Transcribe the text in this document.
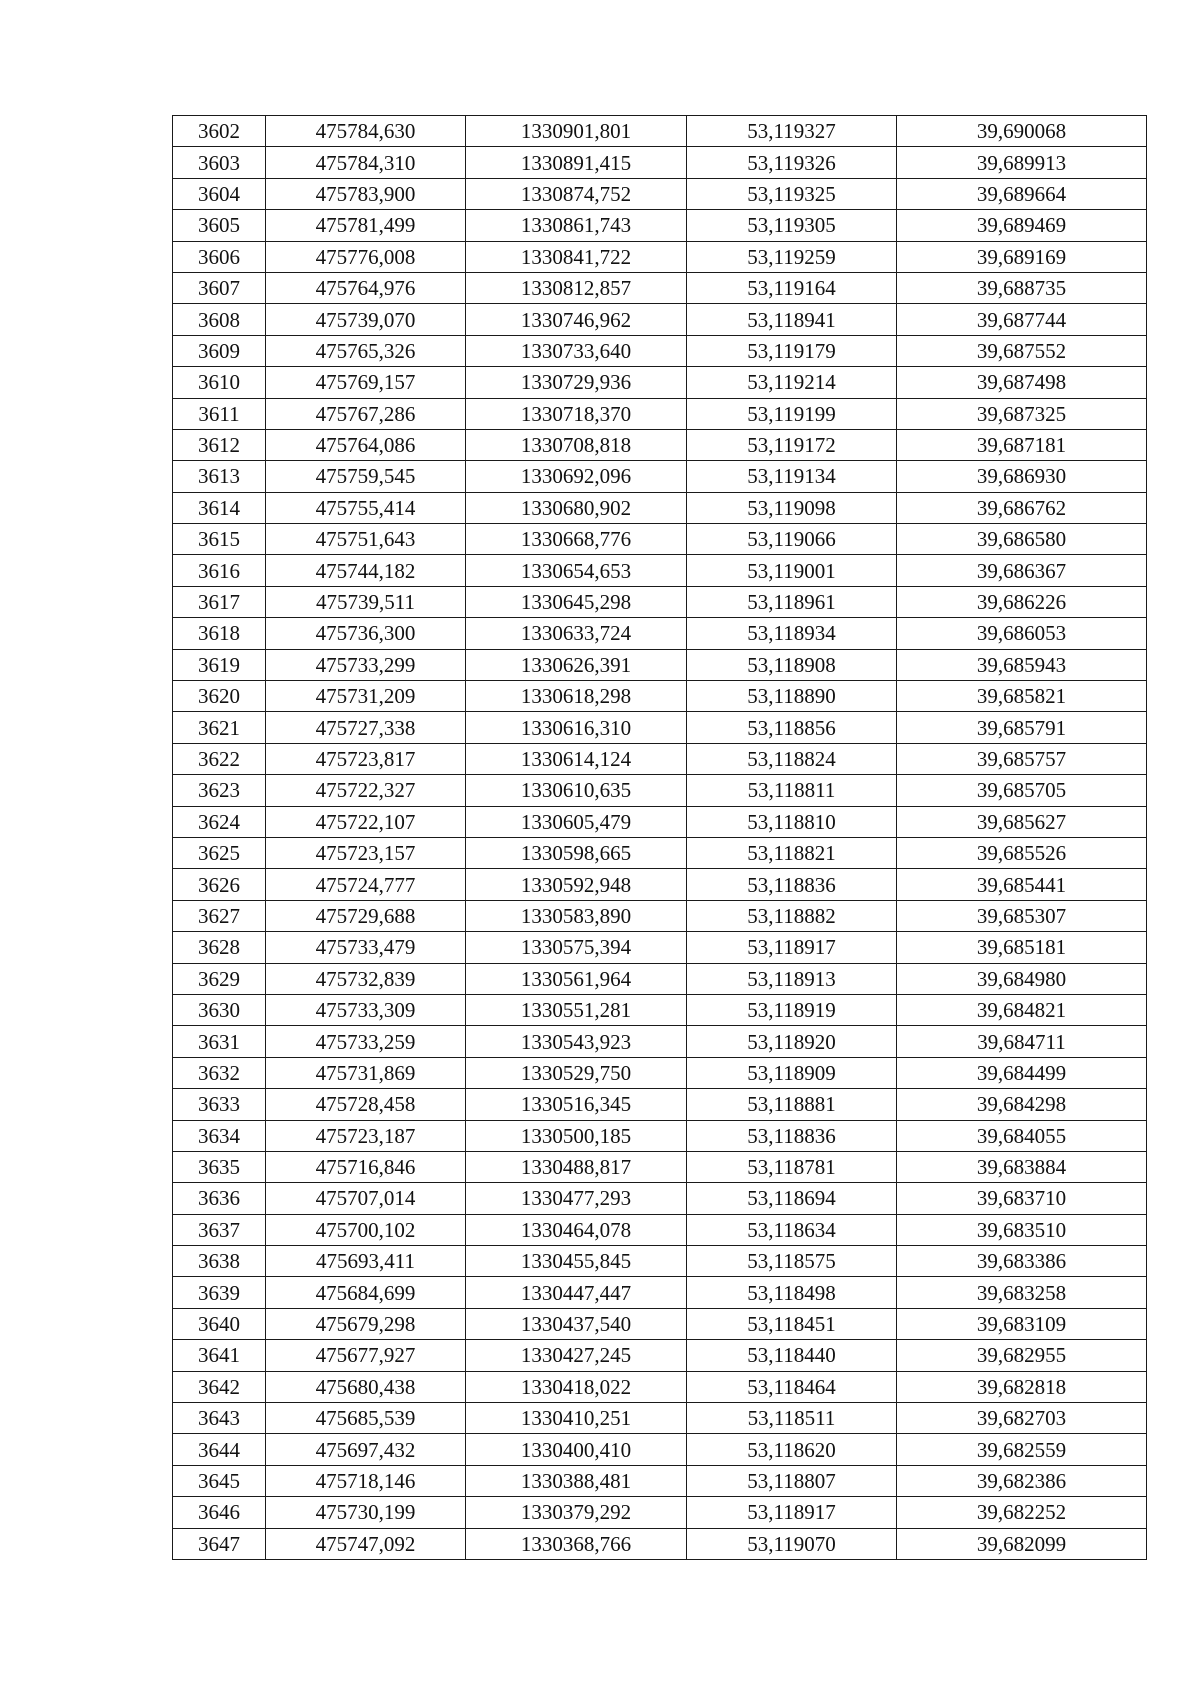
3602	475784,630	1330901,801	53,119327	39,690068
3603	475784,310	1330891,415	53,119326	39,689913
3604	475783,900	1330874,752	53,119325	39,689664
3605	475781,499	1330861,743	53,119305	39,689469
3606	475776,008	1330841,722	53,119259	39,689169
3607	475764,976	1330812,857	53,119164	39,688735
3608	475739,070	1330746,962	53,118941	39,687744
3609	475765,326	1330733,640	53,119179	39,687552
3610	475769,157	1330729,936	53,119214	39,687498
3611	475767,286	1330718,370	53,119199	39,687325
3612	475764,086	1330708,818	53,119172	39,687181
3613	475759,545	1330692,096	53,119134	39,686930
3614	475755,414	1330680,902	53,119098	39,686762
3615	475751,643	1330668,776	53,119066	39,686580
3616	475744,182	1330654,653	53,119001	39,686367
3617	475739,511	1330645,298	53,118961	39,686226
3618	475736,300	1330633,724	53,118934	39,686053
3619	475733,299	1330626,391	53,118908	39,685943
3620	475731,209	1330618,298	53,118890	39,685821
3621	475727,338	1330616,310	53,118856	39,685791
3622	475723,817	1330614,124	53,118824	39,685757
3623	475722,327	1330610,635	53,118811	39,685705
3624	475722,107	1330605,479	53,118810	39,685627
3625	475723,157	1330598,665	53,118821	39,685526
3626	475724,777	1330592,948	53,118836	39,685441
3627	475729,688	1330583,890	53,118882	39,685307
3628	475733,479	1330575,394	53,118917	39,685181
3629	475732,839	1330561,964	53,118913	39,684980
3630	475733,309	1330551,281	53,118919	39,684821
3631	475733,259	1330543,923	53,118920	39,684711
3632	475731,869	1330529,750	53,118909	39,684499
3633	475728,458	1330516,345	53,118881	39,684298
3634	475723,187	1330500,185	53,118836	39,684055
3635	475716,846	1330488,817	53,118781	39,683884
3636	475707,014	1330477,293	53,118694	39,683710
3637	475700,102	1330464,078	53,118634	39,683510
3638	475693,411	1330455,845	53,118575	39,683386
3639	475684,699	1330447,447	53,118498	39,683258
3640	475679,298	1330437,540	53,118451	39,683109
3641	475677,927	1330427,245	53,118440	39,682955
3642	475680,438	1330418,022	53,118464	39,682818
3643	475685,539	1330410,251	53,118511	39,682703
3644	475697,432	1330400,410	53,118620	39,682559
3645	475718,146	1330388,481	53,118807	39,682386
3646	475730,199	1330379,292	53,118917	39,682252
3647	475747,092	1330368,766	53,119070	39,682099
